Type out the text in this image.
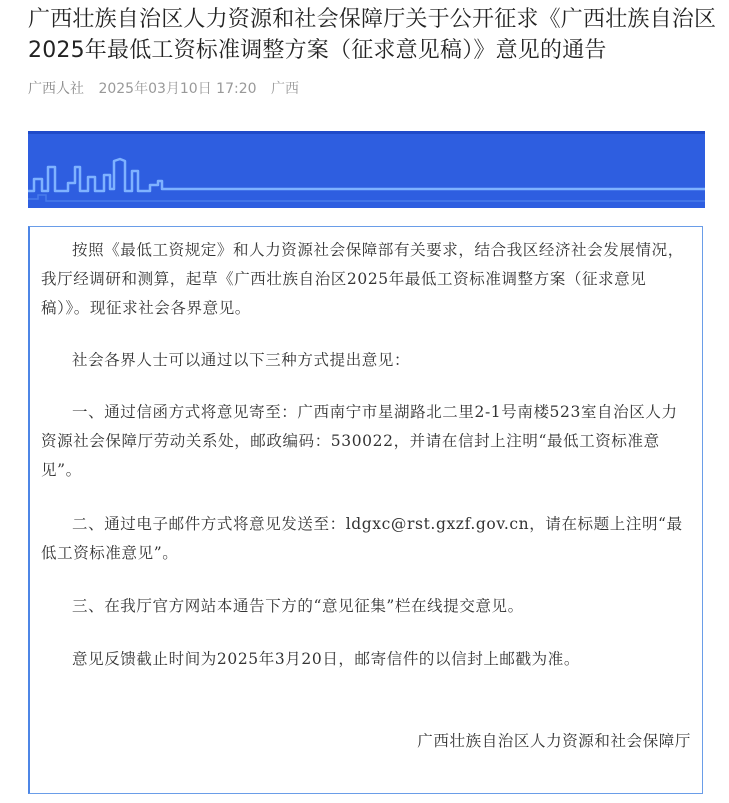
广西壮族自治区人力资源和社会保障厅关于公开征求《广西壮族自治区2025年最低工资标准调整方案（征求意见稿）》意见的通告
广西人社 2025年03月10日 17:20 广西

按照《最低工资规定》和人力资源社会保障部有关要求，结合我区经济社会发展情况，我厅经调研和测算，起草《广西壮族自治区2025年最低工资标准调整方案（征求意见稿）》。现征求社会各界意见。

社会各界人士可以通过以下三种方式提出意见：

一、通过信函方式将意见寄至：广西南宁市星湖路北二里2-1号南楼523室自治区人力资源社会保障厅劳动关系处，邮政编码：530022，并请在信封上注明“最低工资标准意见”。

二、通过电子邮件方式将意见发送至：ldgxc@rst.gxzf.gov.cn，请在标题上注明“最低工资标准意见”。

三、在我厅官方网站本通告下方的“意见征集”栏在线提交意见。

意见反馈截止时间为2025年3月20日，邮寄信件的以信封上邮戳为准。

广西壮族自治区人力资源和社会保障厅
